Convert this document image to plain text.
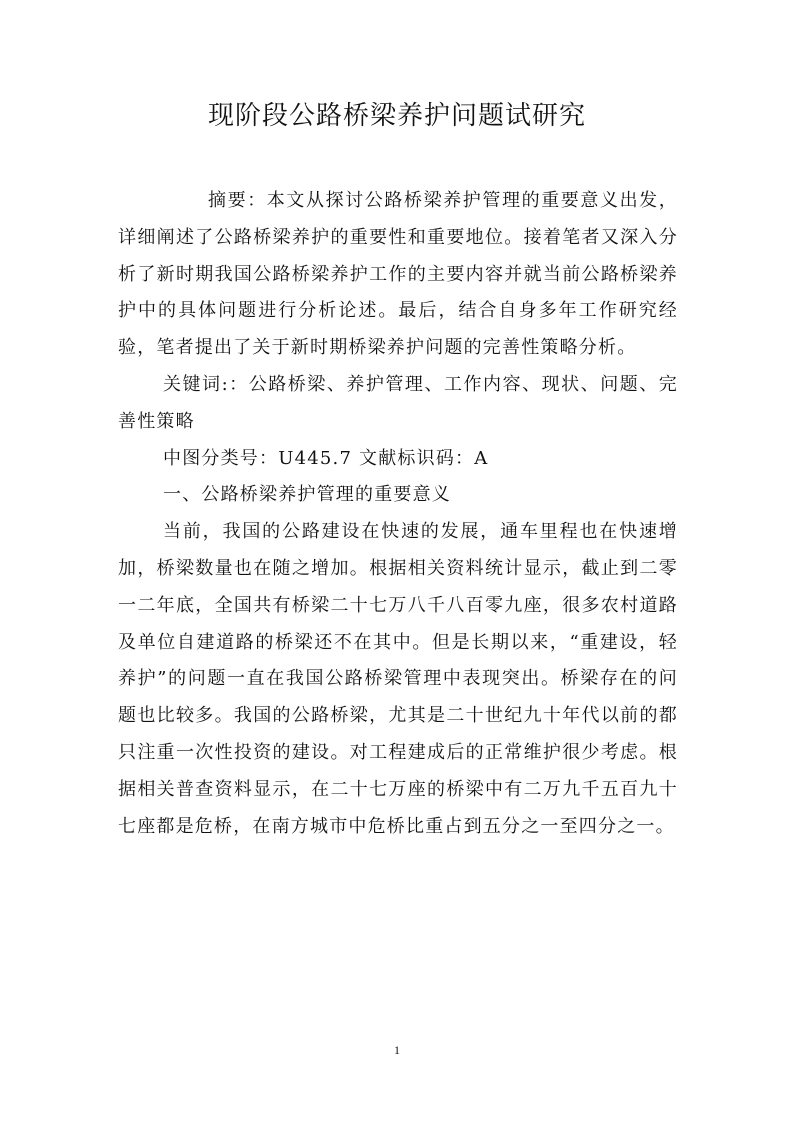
现阶段公路桥梁养护问题试研究

摘要：本文从探讨公路桥梁养护管理的重要意义出发，详细阐述了公路桥梁养护的重要性和重要地位。接着笔者又深入分析了新时期我国公路桥梁养护工作的主要内容并就当前公路桥梁养护中的具体问题进行分析论述。最后，结合自身多年工作研究经验，笔者提出了关于新时期桥梁养护问题的完善性策略分析。

关键词:：公路桥梁、养护管理、工作内容、现状、问题、完善性策略

中图分类号：U445.7 文献标识码：A

一、公路桥梁养护管理的重要意义

当前，我国的公路建设在快速的发展，通车里程也在快速增加，桥梁数量也在随之增加。根据相关资料统计显示，截止到二零一二年底，全国共有桥梁二十七万八千八百零九座，很多农村道路及单位自建道路的桥梁还不在其中。但是长期以来，“重建设，轻养护”的问题一直在我国公路桥梁管理中表现突出。桥梁存在的问题也比较多。我国的公路桥梁，尤其是二十世纪九十年代以前的都只注重一次性投资的建设。对工程建成后的正常维护很少考虑。根据相关普查资料显示，在二十七万座的桥梁中有二万九千五百九十七座都是危桥，在南方城市中危桥比重占到五分之一至四分之一。

1
